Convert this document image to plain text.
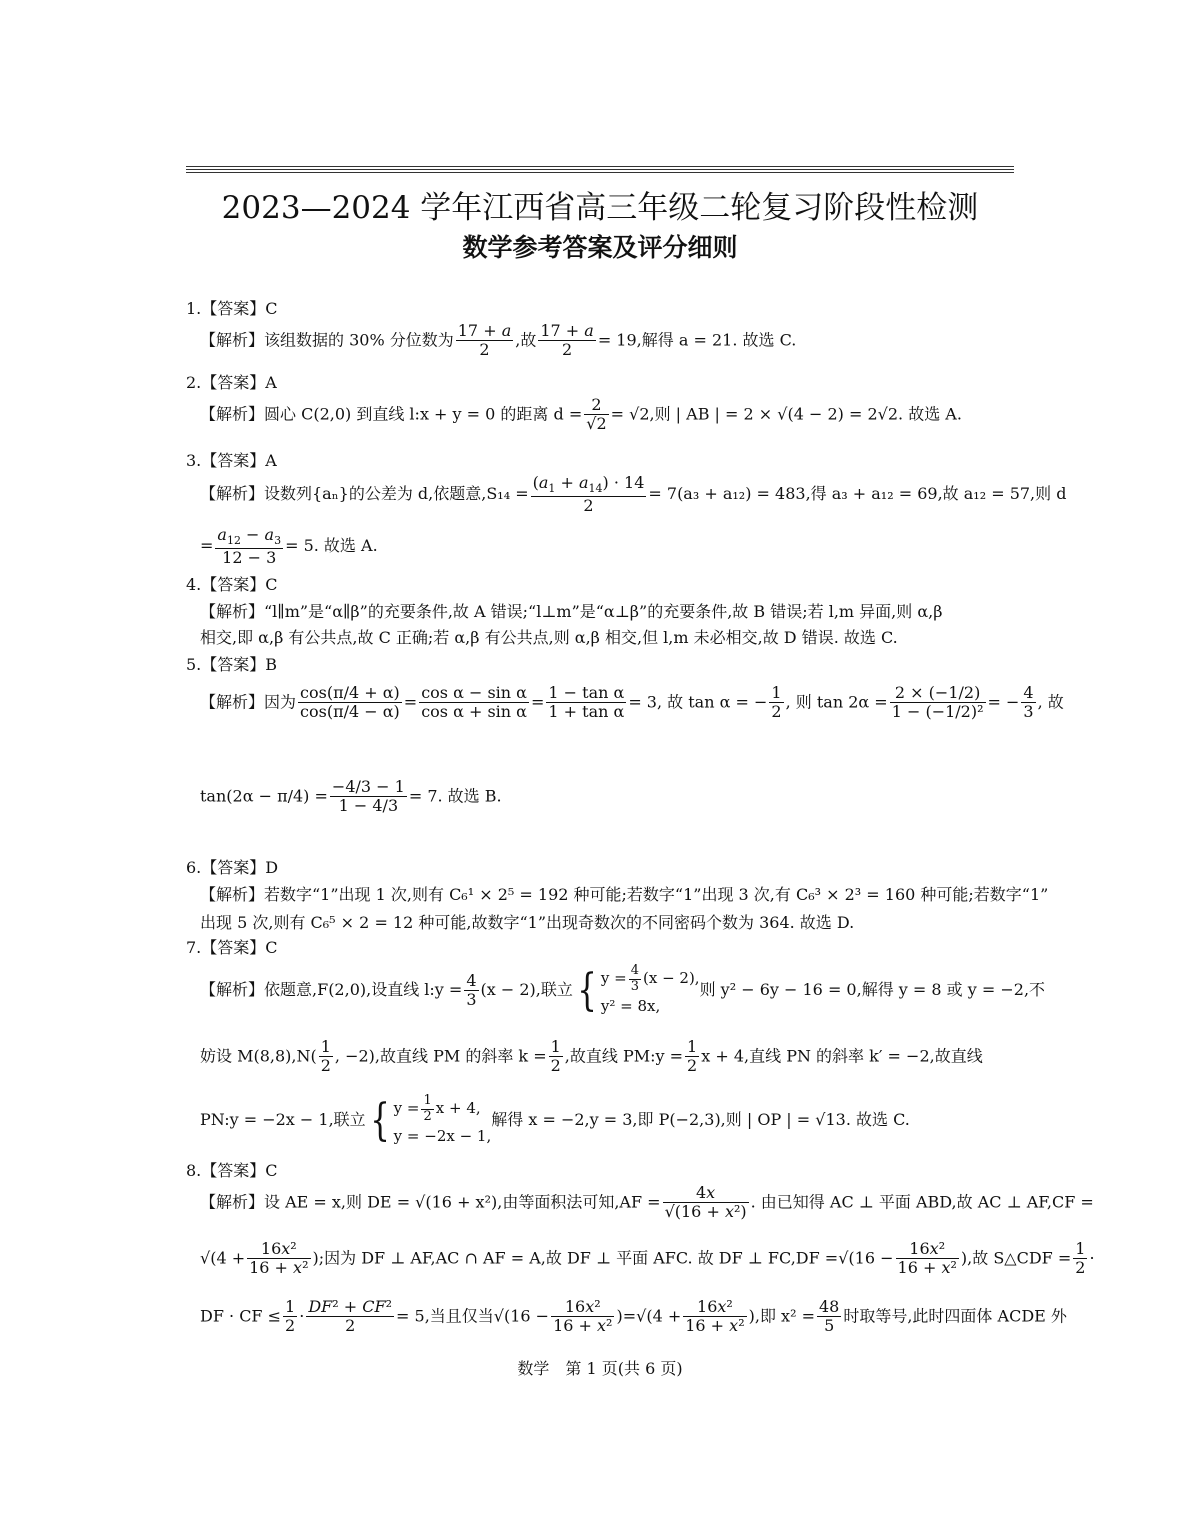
2023—2024 学年江西省高三年级二轮复习阶段性检测
数学参考答案及评分细则
1.【答案】C
【解析】该组数据的 30% 分位数为 $\frac{17 + a}{2}$ ,故 $\frac{17 + a}{2} = 19$,解得 a = 21. 故选 C.
2.【答案】A
【解析】圆心 C(2,0) 到直线 l:x + y = 0 的距离 $d = \frac{2}{√2} = √2$,则 | AB | = 2 × √(4 − 2) = 2√2. 故选 A.
3.【答案】A
【解析】设数列{aₙ}的公差为 d,依题意$,S_{14} = \frac{(a_1 + a_{14}) \cdot 14}{2} = 7(a_3 + a_{12}) = 483$,得 a₃ + a₁₂ = 69,故 a₁₂ = 57,则 d
= $\frac{a_{12} - a_3}{12 - 3} = 5$. 故选 A.
4.【答案】C
【解析】“l∥m”是“α∥β”的充要条件,故 A 错误;“l⊥m”是“α⊥β”的充要条件,故 B 错误;若 l,m 异面,则 α,β
相交,即 α,β 有公共点,故 C 正确;若 α,β 有公共点,则 α,β 相交,但 l,m 未必相交,故 D 错误. 故选 C.
5.【答案】B
【解析】因为 $\frac{\cos(\pi/4 + \alpha)}{\cos(\pi/4 - \alpha)} = \frac{\text{cos α − sin α}}{\text{cos α + sin α}} = \frac{\text{1 − tan α}}{\text{1 + tan α}} = 3$, 故 tan α = − $\frac{1}{2}$ , 则 $\tan 2\alpha = \frac{2 \times (-1/2)}{\text{1 − (−1/2)²}}$ = − $\frac{4}{3}$ , 故
$\tan(2\alpha - \pi/4) = \frac{-4/3 - 1}{1 - 4/3} = 7$. 故选 B.
6.【答案】D
【解析】若数字“1”出现 1 次,则有 C₆¹ × 2⁵ = 192 种可能;若数字“1”出现 3 次,有 C₆³ × 2³ = 160 种可能;若数字“1”
出现 5 次,则有 C₆⁵ × 2 = 12 种可能,故数字“1”出现奇数次的不同密码个数为 364. 故选 D.
7.【答案】C
【解析】依题意,F(2,0),设直线 l:y = $\frac{4}{3} (x - 2)$,联立{ $y = \frac{4}{3} (x - 2)$,
y² = 8x,则 y² − 6y − 16 = 0,解得 y = 8 或 y = −2,不
妨设 $M(8,8),N( \frac{1}{2}$ , −2),故直线 PM 的斜率 $k = \frac{1}{2}$ ,故直线 PM:y = $\frac{1}{2}$ x + 4,直线 PN 的斜率 k′ = −2,故直线
PN:y = −2x − 1,联立{ $y = \frac{1}{2}$ x + 4,
y = −2x − 1,解得 x = −2,y = 3,即 P(−2,3),则 | OP | = √13. 故选 C.
8.【答案】C
【解析】设 AE = x,则 DE = √(16 + x²),由等面积法可知$,AF = \frac{4x}{\text{√(16 + x²)}}$ . 由已知得 AC ⊥ 平面 ABD,故 AC ⊥ AF,CF =
$√(4 + \frac{\text{16x²}}{\text{16 + x²}}$ );因为 DF ⊥ AF,AC ∩ AF = A,故 DF ⊥ 平面 AFC. 故 DF ⊥ $FC,DF =√(16 - \frac{\text{16x²}}{\text{16 + x²}}$ ),故 S△CDF = $\frac{1}{2}$ ·
DF · CF ≤ $\frac{1}{2} \cdot \frac{\text{DF² + CF²}}{2} = 5$,当且仅当$√(16 - \frac{\text{16x²}}{\text{16 + x²}} )=√(4 + \frac{\text{16x²}}{\text{16 + x²}}$ ),即 $x^2 = \frac{48}{5}$ 时取等号,此时四面体 ACDE 外
数学　第 1 页(共 6 页)
